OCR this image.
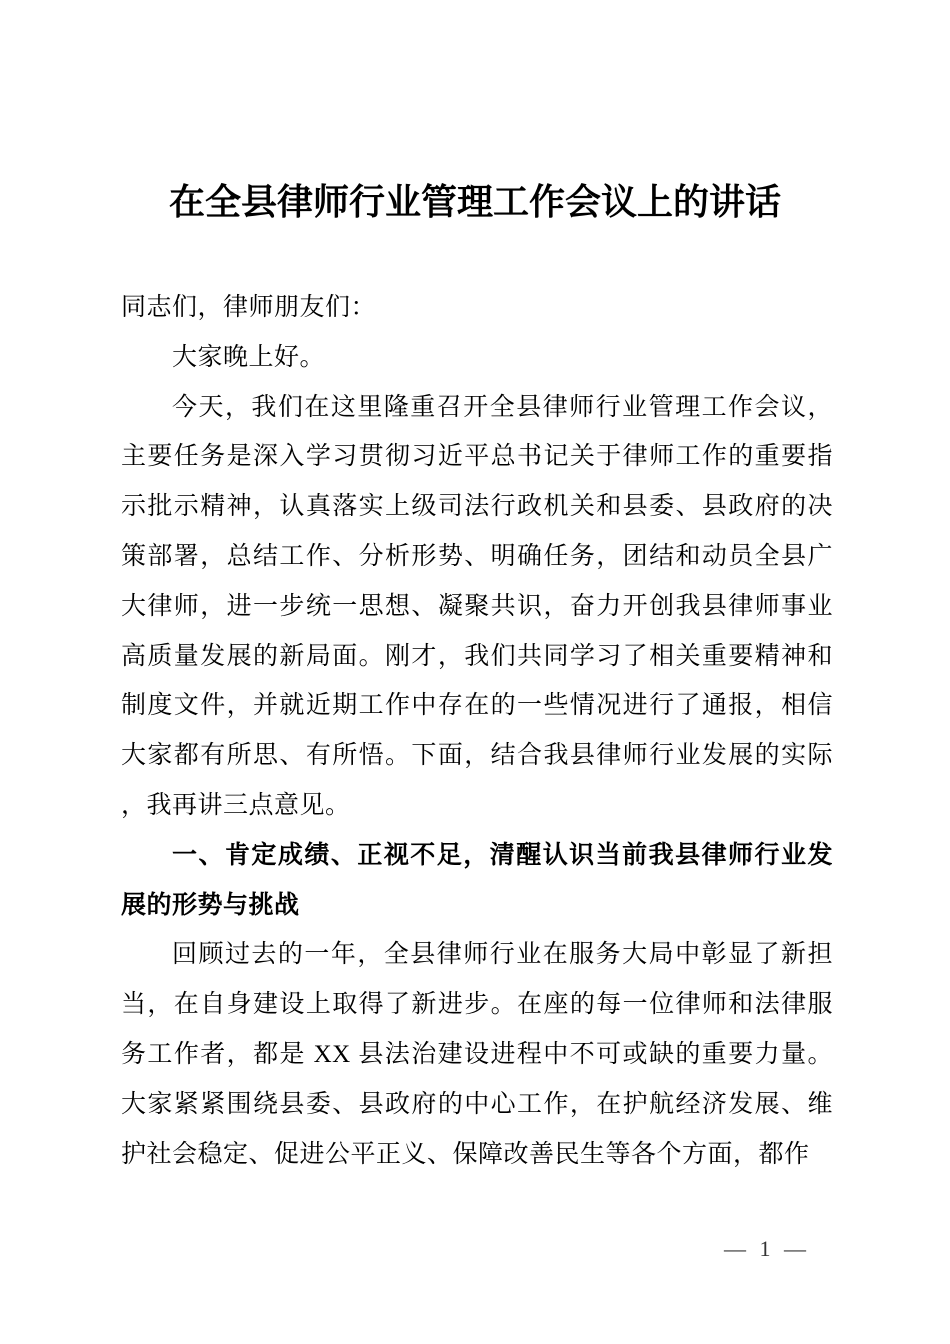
在全县律师行业管理工作会议上的讲话

同志们，律师朋友们：

大家晚上好。

今天，我们在这里隆重召开全县律师行业管理工作会议，主要任务是深入学习贯彻习近平总书记关于律师工作的重要指示批示精神，认真落实上级司法行政机关和县委、县政府的决策部署，总结工作、分析形势、明确任务，团结和动员全县广大律师，进一步统一思想、凝聚共识，奋力开创我县律师事业高质量发展的新局面。刚才，我们共同学习了相关重要精神和制度文件，并就近期工作中存在的一些情况进行了通报，相信大家都有所思、有所悟。下面，结合我县律师行业发展的实际，我再讲三点意见。

一、肯定成绩、正视不足，清醒认识当前我县律师行业发展的形势与挑战

回顾过去的一年，全县律师行业在服务大局中彰显了新担当，在自身建设上取得了新进步。在座的每一位律师和法律服务工作者，都是 XX 县法治建设进程中不可或缺的重要力量。大家紧紧围绕县委、县政府的中心工作，在护航经济发展、维护社会稳定、促进公平正义、保障改善民生等各个方面，都作

— 1 —
